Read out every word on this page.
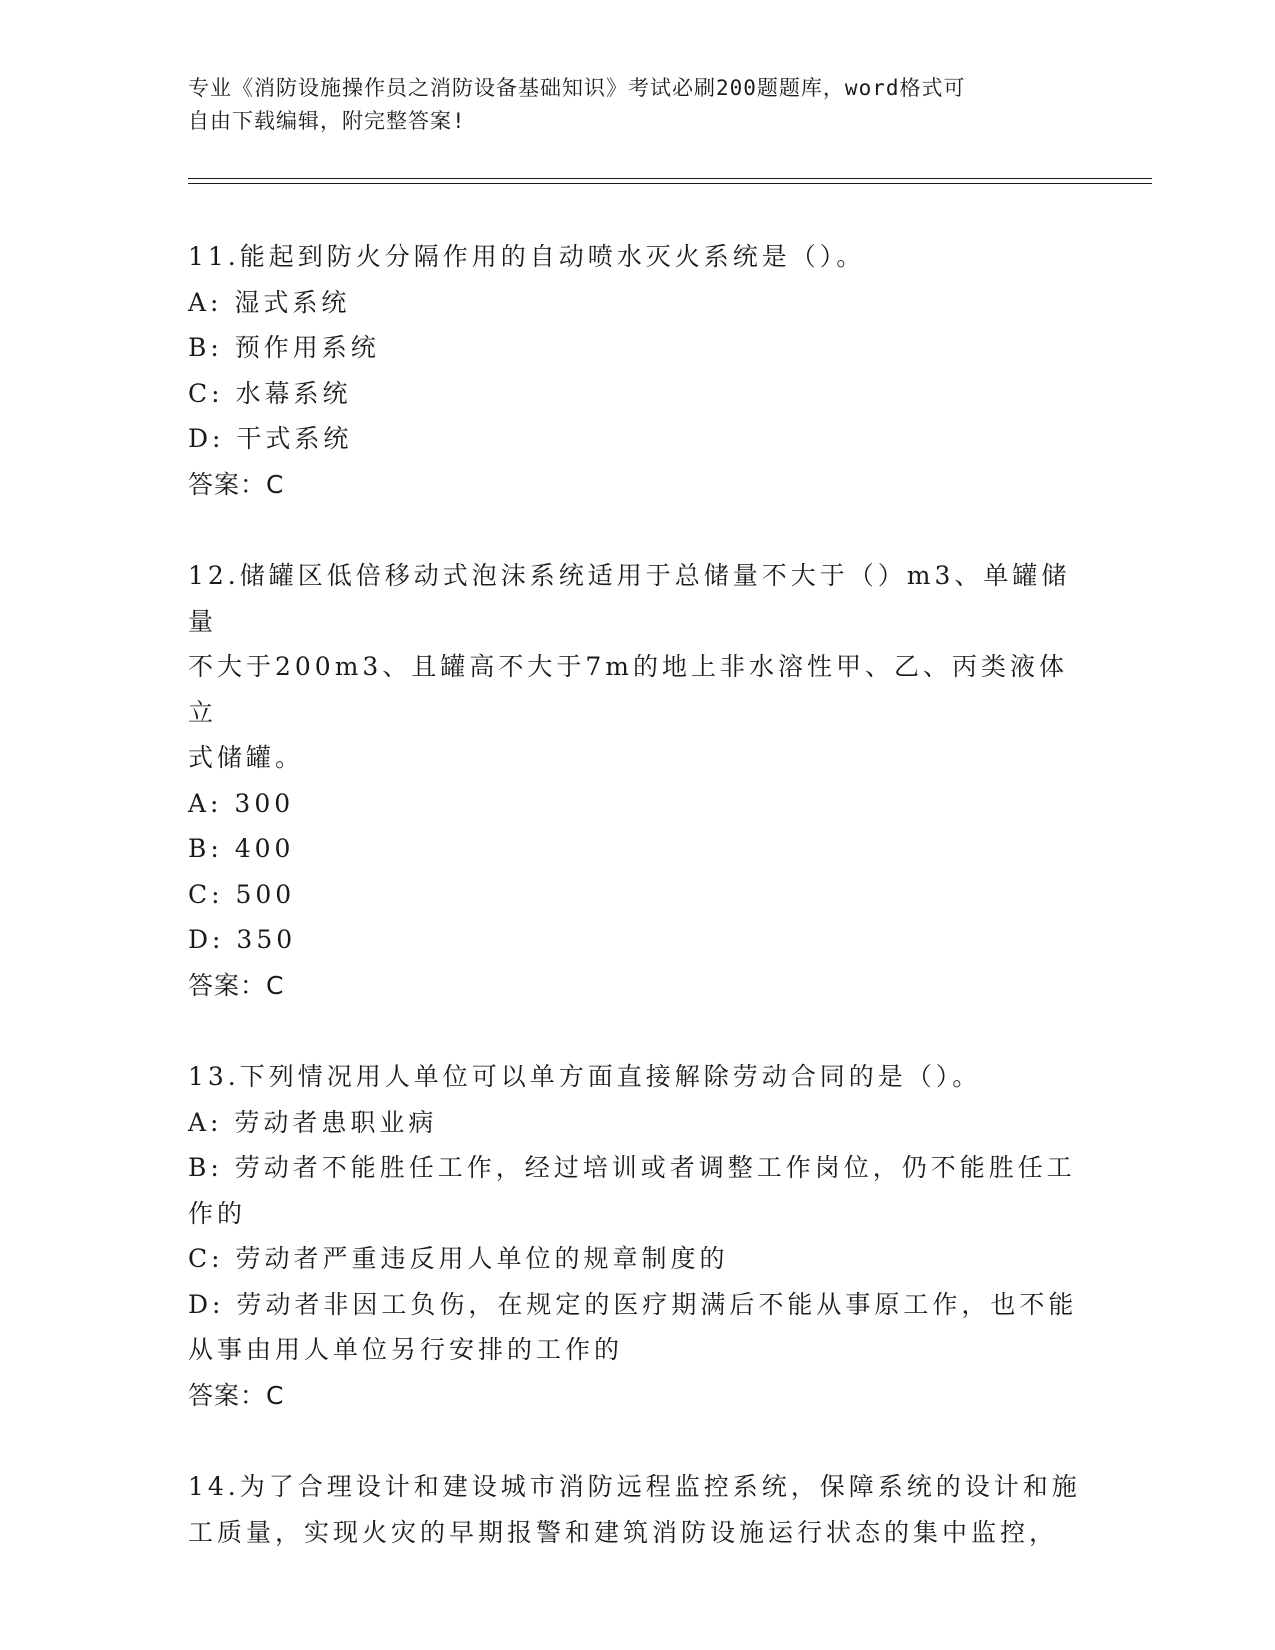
专业《消防设施操作员之消防设备基础知识》考试必刷200题题库，word格式可
自由下载编辑，附完整答案!
11.能起到防火分隔作用的自动喷水灭火系统是（）。
A: 湿式系统
B: 预作用系统
C: 水幕系统
D: 干式系统
答案：C
12.储罐区低倍移动式泡沫系统适用于总储量不大于（）m3、单罐储量
不大于200m3、且罐高不大于7m的地上非水溶性甲、乙、丙类液体立
式储罐。
A: 300
B: 400
C: 500
D: 350
答案：C
13.下列情况用人单位可以单方面直接解除劳动合同的是（）。
A: 劳动者患职业病
B: 劳动者不能胜任工作，经过培训或者调整工作岗位，仍不能胜任工
作的
C: 劳动者严重违反用人单位的规章制度的
D: 劳动者非因工负伤，在规定的医疗期满后不能从事原工作，也不能
从事由用人单位另行安排的工作的
答案：C
14.为了合理设计和建设城市消防远程监控系统，保障系统的设计和施
工质量，实现火灾的早期报警和建筑消防设施运行状态的集中监控，
